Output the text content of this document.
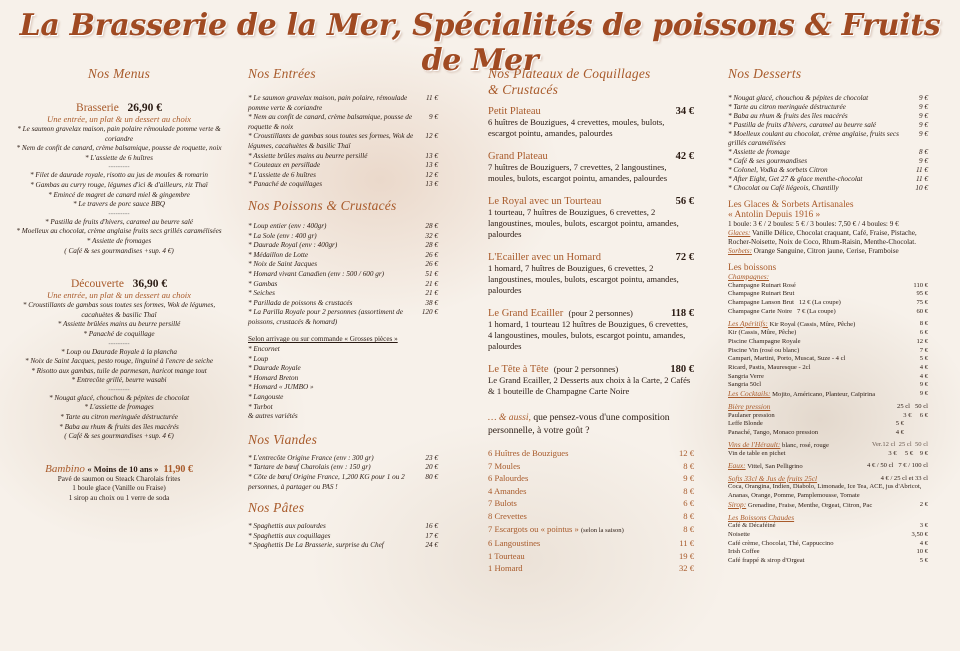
La Brasserie de la Mer, Spécialités de poissons & Fruits de Mer
Nos Menus
Brasserie 26,90 €
Une entrée, un plat & un dessert au choix
* Le saumon gravelax maison, pain polaire rémoulade pomme verte & coriandre
* Nem de confit de canard, crème balsamique, pousse de roquette, noix
* L'assiette de 6 huîtres
---------
* Filet de daurade royale, risotto au jus de moules & romarin
* Gambas au curry rouge, légumes d'ici & d'ailleurs, riz Thaï
* Emincé de magret de canard miel & gingembre
* Le travers de porc sauce BBQ
---------
* Pastilla de fruits d'hivers, caramel au beurre salé
* Moelleux au chocolat, crème anglaise fruits secs grillés caramélisées
* Assiette de fromages
( Café & ses gourmandises +sup. 4 €)
Découverte 36,90 €
Une entrée, un plat & un dessert au choix
* Croustillants de gambas sous toutes ses formes, Wok de légumes, cacahuètes & basilic Thaï
* Assiette brûlées mains au beurre persillé
* Panaché de coquillage
---------
* Loup ou Daurade Royale à la plancha
* Noix de Saint Jacques, pesto rouge, linguiné à l'encre de seiche
* Risotto aux gambas, tuile de parmesan, haricot mange tout
* Entrecôte grillé, beurre wasabi
---------
* Nougat glacé, chouchou & pépites de chocolat
* L'assiette de fromages
* Tarte au citron meringuée déstructurée
* Baba au rhum & fruits des îles macérés
( Café & ses gourmandises +sup. 4 €)
Bambino « Moins de 10 ans » 11,90 €
Pavé de saumon ou Steack Charolais frites
1 boule glace (Vanille ou Fraise)
1 sirop au choix ou 1 verre de soda
Nos Entrées
* Le saumon gravelax maison, pain polaire, rémoulade pomme verte & coriandre
11 €
* Nem au confit de canard, crème balsamique, pousse de roquette & noix
9 €
* Croustillants de gambas sous toutes ses formes, Wok de légumes, cacahuètes & basilic Thaï
12 €
* Assiette brûles mains au beurre persillé	13 €
* Couteaux en persillade	13 €
* L'assiette de 6 huîtres	12 €
* Panaché de coquillages	13 €
Nos Poissons & Crustacés
* Loup entier (env : 400gr)	28 €
* La Sole (env : 400 gr)	32 €
* Daurade Royal (env : 400gr)	28 €
* Médaillon de Lotte	26 €
* Noix de Saint Jacques	26 €
* Homard vivant Canadien (env : 500 / 600 gr)	51 €
* Gambas	21 €
* Seiches	21 €
* Parillada de poissons & crustacés	38 €
* La Parilla Royale pour 2 personnes (assortiment de poissons, crustacés & homard)
120 €
Selon arrivage ou sur commande « Grosses pièces »
* Encornet
* Loup
* Daurade Royale
* Homard Breton
* Homard « JUMBO »
* Langouste
* Turbot
& autres variétés
Nos Viandes
* L'entrecôte Origine France (env : 300 gr)	23 €
* Tartare de bœuf Charolais (env : 150 gr)	20 €
* Côte de bœuf Origine France, 1,200 KG pour 1 ou 2 personnes, à partager ou PAS !
80 €
Nos Pâtes
* Spaghettis aux palourdes	16 €
* Spaghettis aux coquillages	17 €
* Spaghettis De La Brasserie, surprise du Chef	24 €
Nos Plateaux de Coquillages
& Crustacés
Petit Plateau	34 €
6 huîtres de Bouzigues, 4 crevettes, moules, bulots, escargot pointu, amandes, palourdes
Grand Plateau	42 €
7 huîtres de Bouziguers, 7 crevettes, 2 langoustines, moules, bulots, escargot pointu, amandes, palourdes
Le Royal avec un Tourteau	56 €
1 tourteau, 7 huîtres de Bouzigues, 6 crevettes, 2 langoustines, moules, bulots, escargot pointu, amandes, palourdes
L'Ecailler avec un Homard	72 €
1 homard, 7 huîtres de Bouzigues, 6 crevettes, 2 langoustines, moules, bulots, escargot pointu, amandes, palourdes
Le Grand Ecailler (pour 2 personnes)	118 €
1 homard, 1 tourteau 12 huîtres de Bouzigues, 6 crevettes, 4 langoustines, moules, bulots, escargot pointu, amandes, palourdes
Le Tête à Tête (pour 2 personnes)	180 €
Le Grand Ecailler, 2 Desserts aux choix à la Carte, 2 Cafés & 1 bouteille de Champagne Carte Noire
… & aussi, que pensez-vous d'une composition personnelle, à votre goût ?
6 Huîtres de Bouzigues	12 €
7 Moules	8 €
6 Palourdes	9 €
4 Amandes	8 €
7 Bulots	6 €
8 Crevettes	8 €
7 Escargots ou « pointus » (selon la saison)	8 €
6 Langoustines	11 €
1 Tourteau	19 €
1 Homard	32 €
Nos Desserts
* Nougat glacé, chouchou & pépites de chocolat	9 €
* Tarte au citron meringuée déstructurée	9 €
* Baba au rhum & fruits des îles macérés	9 €
* Pastilla de fruits d'hivers, caramel au beurre salé	9 €
* Moelleux coulant au chocolat, crème anglaise, fruits secs grillés caramélisées
9 €
* Assiette de fromage	8 €
* Café & ses gourmandises	9 €
* Colonel, Vodka & sorbets Citron	11 €
* After Eight, Get 27 & glace menthe-chocolat	11 €
* Chocolat ou Café liégeois, Chantilly	10 €
Les Glaces & Sorbets Artisanales
« Antolin Depuis 1916 »
1 boule: 3 € / 2 boules: 5 € / 3 boules: 7,50 € / 4 boules: 9 €
Glaces: Vanille Délice, Chocolat craquant, Café, Fraise, Pistache, Rocher-Noisette, Noix de Coco, Rhum-Raisin, Menthe-Chocolat.
Sorbets: Orange Sanguine, Citron jaune, Cerise, Framboise
Les boissons
Champagnes:
Champagne Ruinart Rosé	110 €
Champagne Ruinart Brut	95 €
Champagne Lanson Brut 12 € (La coupe)	75 €
Champagne Carte Noire 7 € (La coupe)	60 €
Les Apéritifs: Kir Royal (Cassis, Mûre, Pêche)	8 €
Kir (Cassis, Mûre, Pêche)	6 €
Piscine Champagne Royale	12 €
Piscine Vin (rosé ou blanc)	7 €
Campari, Martini, Porto, Muscat, Suze - 4 cl	5 €
Ricard, Pastis, Mauresque - 2cl	4 €
Sangria Verre	4 €
Sangria 50cl	9 €
Les Cocktails: Mojito, Américano, Planteur, Caïpirina	9 €
Bière pression	25 cl 50 cl
Paulaner pression	3 € 6 €
Leffe Blonde	5 €
Panaché, Tango, Monaco pression	4 €
Vins de l'Hérault: blanc, rosé, rouge	Ver.12 cl 25 cl 50 cl
Vin de table en pichet	3 € 5 € 9 €
Eaux: Vittel, San Pelligrino	4 € / 50 cl   7 € / 100 cl
Softs 33cl & Jus de fruits 25cl	4 € / 25 cl et 33 cl
Coca, Orangina, Indien, Diabolo, Limonade, Ice Tea, ACE, jus d'Abricot, Ananas, Orange, Pomme, Pamplemousse, Tomate
Sirop: Grenadine, Fraise, Menthe, Orgeat, Citron, Pac	2 €
Les Boissons Chaudes
Café & Décaféiné	3 €
Noisette	3,50 €
Café crème, Chocolat, Thé, Cappuccino	4 €
Irish Coffee	10 €
Café frappé & sirop d'Orgeat	5 €
